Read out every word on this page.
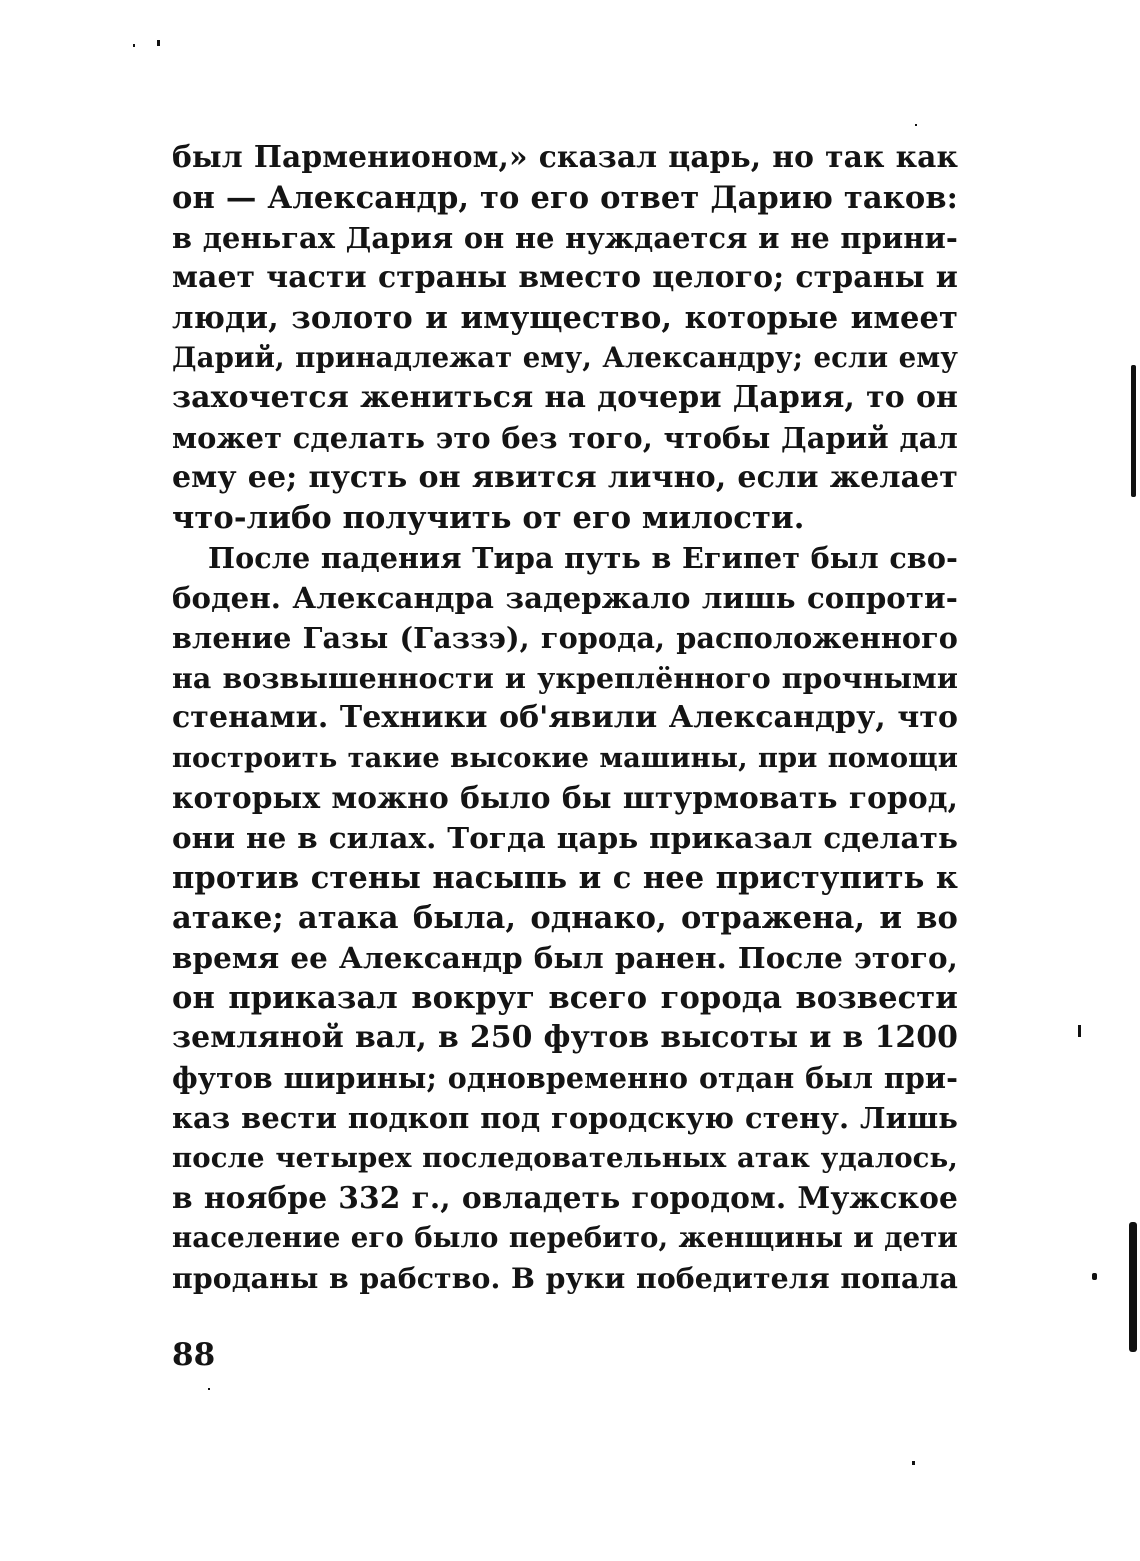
был Парменионом,» сказал царь, но так как
он — Александр, то его ответ Дарию таков:
в деньгах Дария он не нуждается и не прини-
мает части страны вместо целого; страны и
люди, золото и имущество, которые имеет
Дарий, принадлежат ему, Александру; если ему
захочется жениться на дочери Дария, то он
может сделать это без того, чтобы Дарий дал
ему ее; пусть он явится лично, если желает
что-либо получить от его милости.
После падения Тира путь в Египет был сво-
боден. Александра задержало лишь сопроти-
вление Газы (Газзэ), города, расположенного
на возвышенности и укреплённого прочными
стенами. Техники об'явили Александру, что
построить такие высокие машины, при помощи
которых можно было бы штурмовать город,
они не в силах. Тогда царь приказал сделать
против стены насыпь и с нее приступить к
атаке; атака была, однако, отражена, и во
время ее Александр был ранен. После этого,
он приказал вокруг всего города возвести
земляной вал, в 250 футов высоты и в 1200
футов ширины; одновременно отдан был при-
каз вести подкоп под городскую стену. Лишь
после четырех последовательных атак удалось,
в ноябре 332 г., овладеть городом. Мужское
население его было перебито, женщины и дети
проданы в рабство. В руки победителя попала
88
